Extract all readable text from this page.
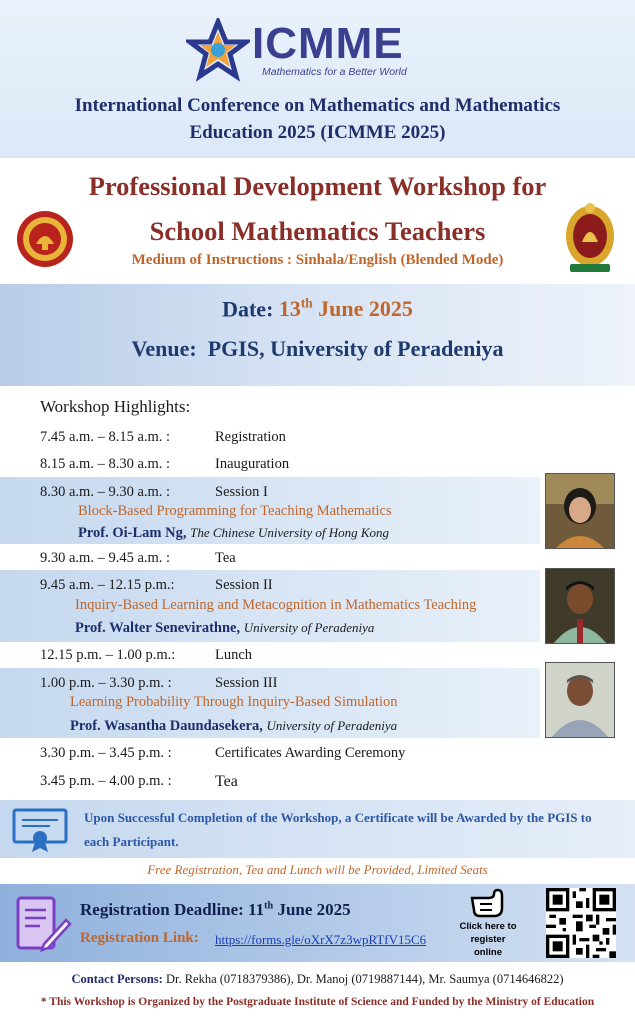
ICMME
Mathematics for a Better World
International Conference on Mathematics and Mathematics
Education 2025 (ICMME 2025)
Professional Development Workshop for
School Mathematics Teachers
Medium of Instructions : Sinhala/English (Blended Mode)
Date: 13th June 2025
Venue: PGIS, University of Peradeniya
Workshop Highlights:
7.45 a.m. – 8.15 a.m. :	Registration
8.15 a.m. – 8.30 a.m. :	Inauguration
8.30 a.m. – 9.30 a.m. :	Session I
Block-Based Programming for Teaching Mathematics
Prof. Oi-Lam Ng, The Chinese University of Hong Kong
9.30 a.m. – 9.45 a.m. :	Tea
9.45 a.m. – 12.15 p.m.:	Session II
Inquiry-Based Learning and Metacognition in Mathematics Teaching
Prof. Walter Senevirathne, University of Peradeniya
12.15 p.m. – 1.00 p.m.:	Lunch
1.00 p.m. – 3.30 p.m. :	Session III
Learning Probability Through Inquiry-Based Simulation
Prof. Wasantha Daundasekera, University of Peradeniya
3.30 p.m. – 3.45 p.m. :	Certificates Awarding Ceremony
3.45 p.m. – 4.00 p.m. :	Tea
Upon Successful Completion of the Workshop, a Certificate will be Awarded by the PGIS to each Participant.
Free Registration, Tea and Lunch will be Provided, Limited Seats
Registration Deadline: 11th June 2025
Registration Link: https://forms.gle/oXrX7z3wpRTfV15C6
Click here to register online
Contact Persons: Dr. Rekha (0718379386), Dr. Manoj (0719887144), Mr. Saumya (0714646822)
* This Workshop is Organized by the Postgraduate Institute of Science and Funded by the Ministry of Education
